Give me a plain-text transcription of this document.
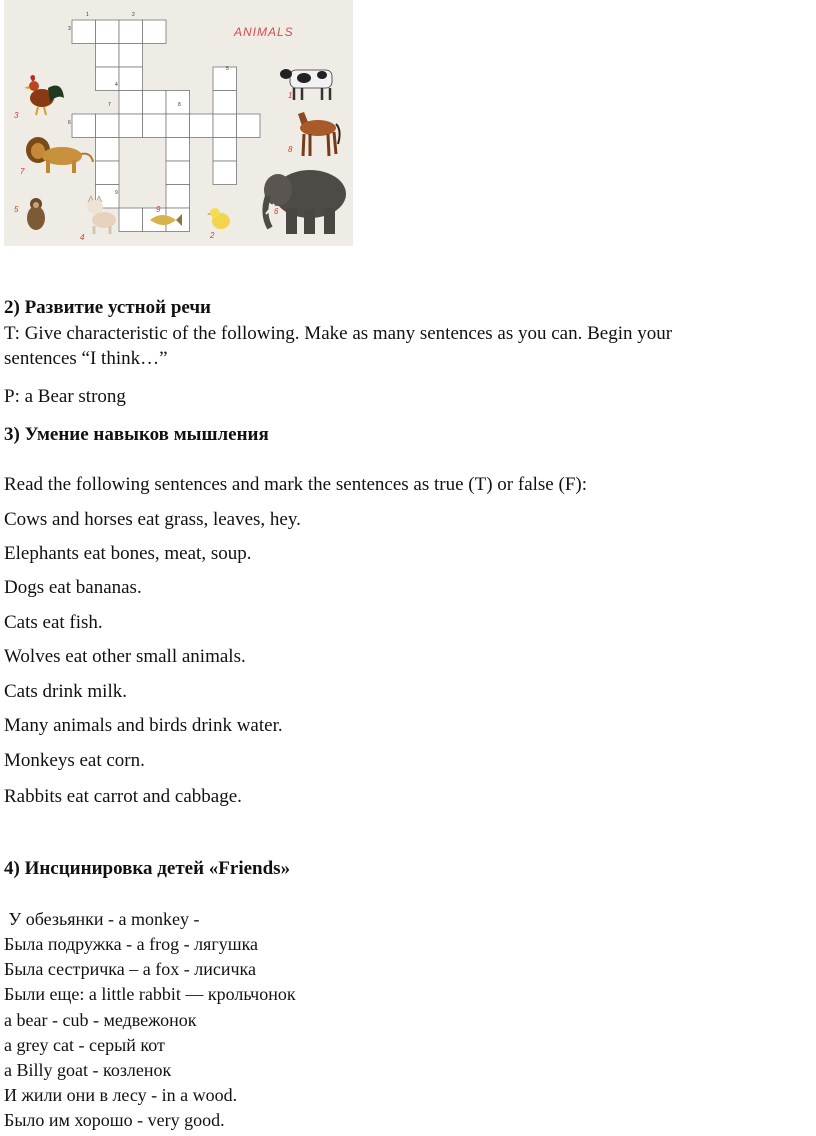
1	2
3
4
5
6
7	8
9
1
2
3
4
5	6
7
8
9
ANIMALS
2) Развитие устной речи
T: Give characteristic of the following. Make as many sentences as you can. Begin your
sentences “I think…”
P: a Bear strong
3) Умение навыков мышления
Read the following sentences and mark the sentences as true (T) or false (F):
Cows and horses eat grass, leaves, hey.
Elephants eat bones, meat, soup.
Dogs eat bananas.
Cats eat fish.
Wolves eat other small animals.
Cats drink milk.
Many animals and birds drink water.
Monkeys eat corn.
Rabbits eat carrot and cabbage.
4) Инсцинировка детей «Friends»
У обезьянки - a monkey -
Была подружка - a frog - лягушка
Была сестричка – a fox - лисичка
Были еще: a little rabbit — крольчонок
a bear - cub - медвежонок
a grey cat - серый кот
a Billy goat - козленок
И жили они в лесу - in a wood.
Было им хорошо - very good.
